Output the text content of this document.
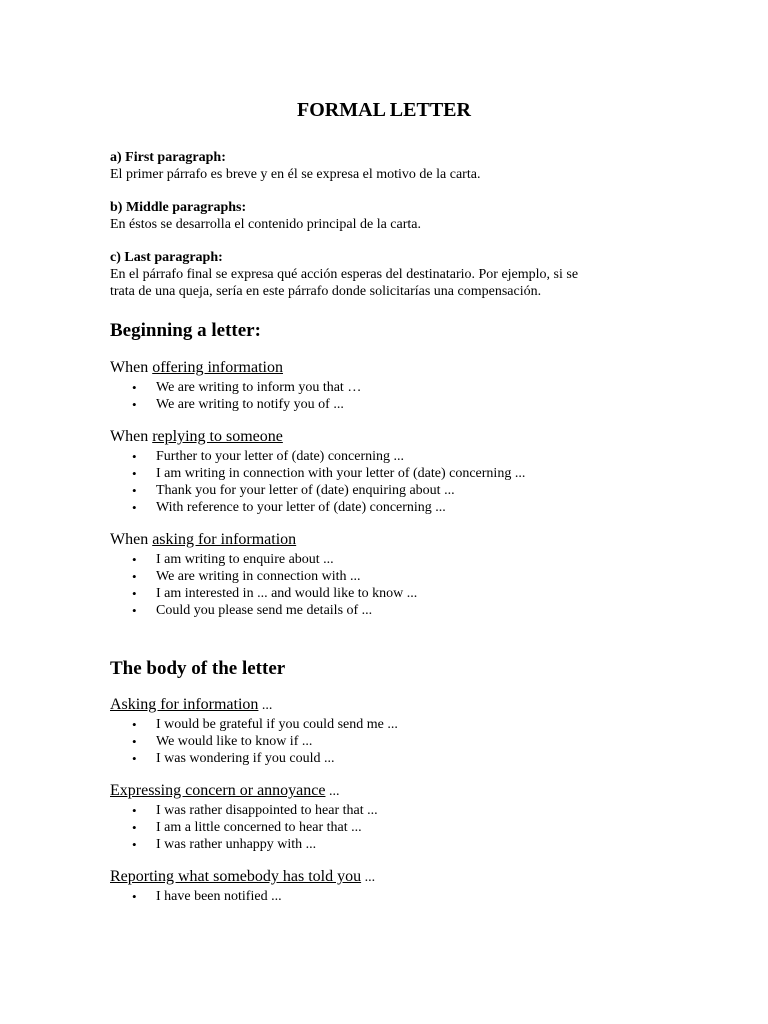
FORMAL LETTER
a) First paragraph:
El primer párrafo es breve y en él se expresa el motivo de la carta.
b) Middle paragraphs:
En éstos se desarrolla el contenido principal de la carta.
c) Last paragraph:
En el párrafo final se expresa qué acción esperas del destinatario. Por ejemplo, si se
trata de una queja, sería en este párrafo donde solicitarías una compensación.
Beginning a letter:
When offering information
• We are writing to inform you that …
• We are writing to notify you of ...
When replying to someone
• Further to your letter of (date) concerning ...
• I am writing in connection with your letter of (date) concerning ...
• Thank you for your letter of (date) enquiring about ...
• With reference to your letter of (date) concerning ...
When asking for information
• I am writing to enquire about ...
• We are writing in connection with ...
• I am interested in ... and would like to know ...
• Could you please send me details of ...
The body of the letter
Asking for information ...
• I would be grateful if you could send me ...
• We would like to know if ...
• I was wondering if you could ...
Expressing concern or annoyance ...
• I was rather disappointed to hear that ...
• I am a little concerned to hear that ...
• I was rather unhappy with ...
Reporting what somebody has told you ...
• I have been notified ...
